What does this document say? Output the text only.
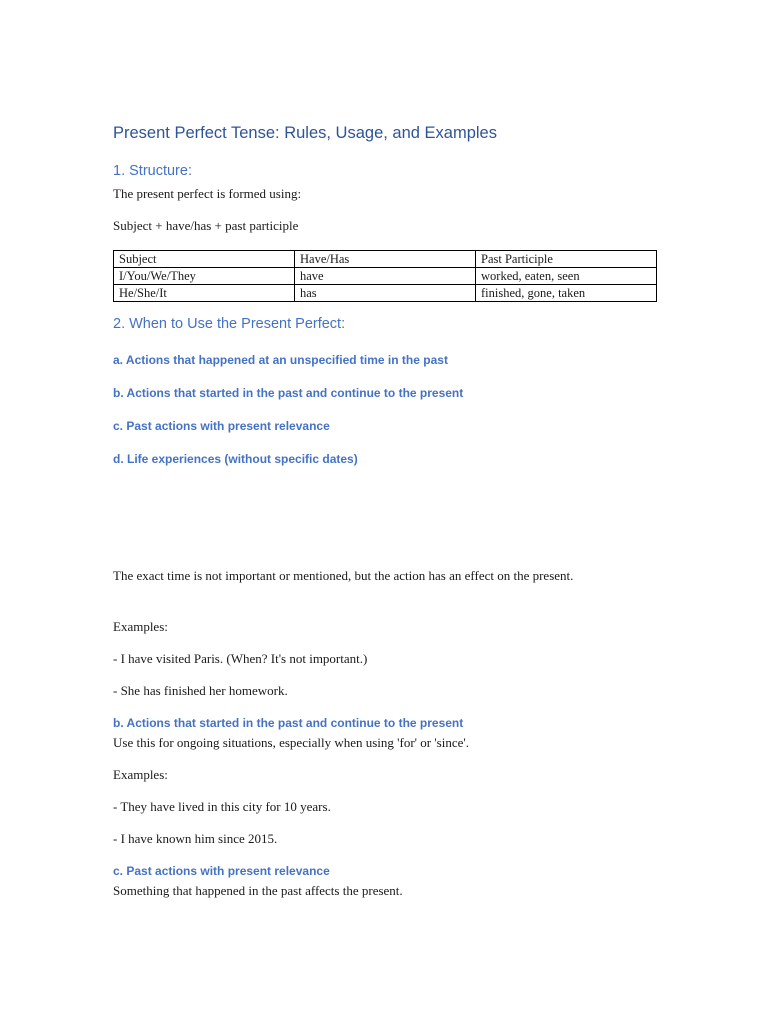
Present Perfect Tense: Rules, Usage, and Examples
1. Structure:

The present perfect is formed using:

Subject + have/has + past participle

Subject	Have/Has	Past Participle
I/You/We/They	have	worked, eaten, seen
He/She/It	has	finished, gone, taken
2. When to Use the Present Perfect:
a. Actions that happened at an unspecified time in the past
b. Actions that started in the past and continue to the present
c. Past actions with present relevance
d. Life experiences (without specific dates)

The exact time is not important or mentioned, but the action has an effect on the present.

Examples:

- I have visited Paris. (When? It's not important.)

- She has finished her homework.

b. Actions that started in the past and continue to the present

Use this for ongoing situations, especially when using 'for' or 'since'.

Examples:

- They have lived in this city for 10 years.

- I have known him since 2015.

c. Past actions with present relevance

Something that happened in the past affects the present.
